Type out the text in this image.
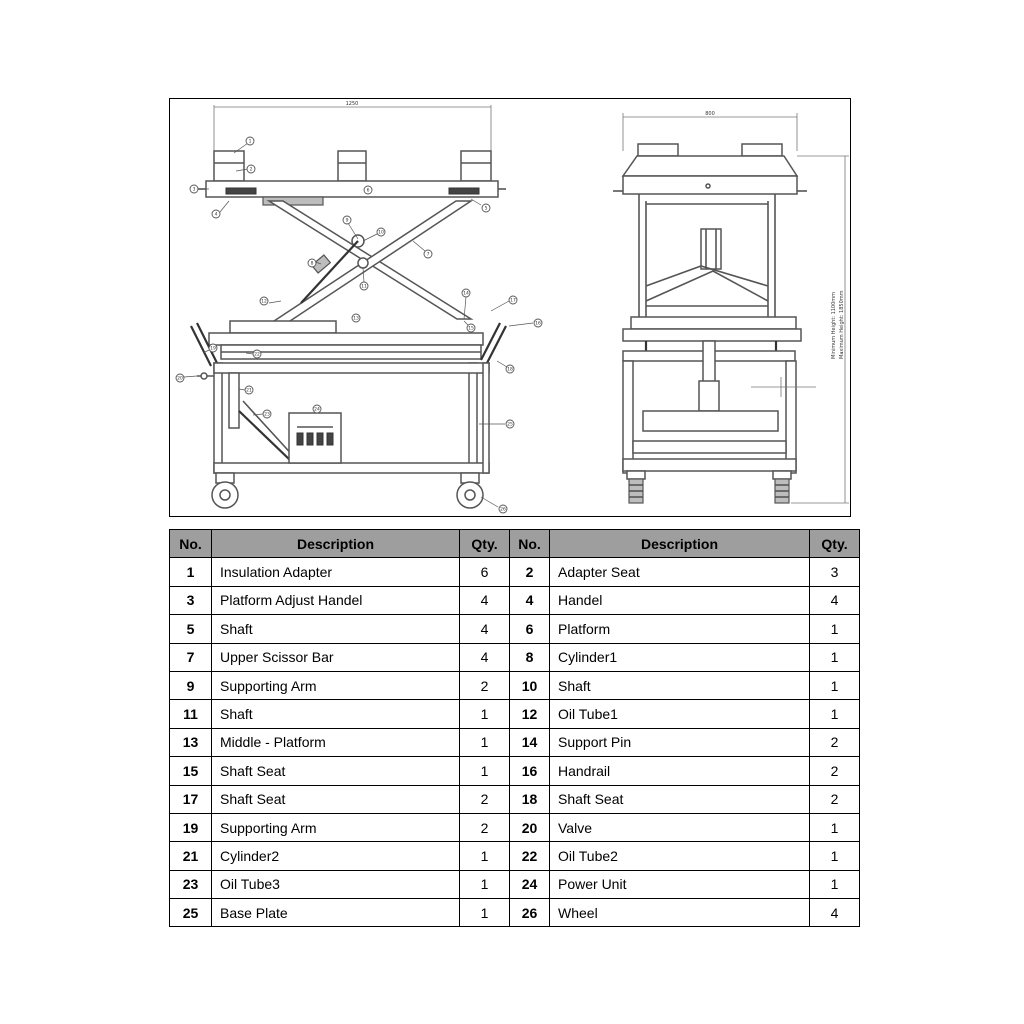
1250
1
2
3
4
5
6
7
8
9
10
11
12
13
14
15
16
17
18
19
20
21
22
23
24
25
26
800
Minimum Height: 1100mm Maximum Height: 1850mm
No.	Description	Qty.	No.	Description	Qty.
1	Insulation Adapter	6	2	Adapter Seat	3
3	Platform Adjust Handel	4	4	Handel	4
5	Shaft	4	6	Platform	1
7	Upper Scissor Bar	4	8	Cylinder1	1
9	Supporting Arm	2	10	Shaft	1
11	Shaft	1	12	Oil Tube1	1
13	Middle - Platform	1	14	Support Pin	2
15	Shaft Seat	1	16	Handrail	2
17	Shaft Seat	2	18	Shaft Seat	2
19	Supporting Arm	2	20	Valve	1
21	Cylinder2	1	22	Oil Tube2	1
23	Oil Tube3	1	24	Power Unit	1
25	Base Plate	1	26	Wheel	4
